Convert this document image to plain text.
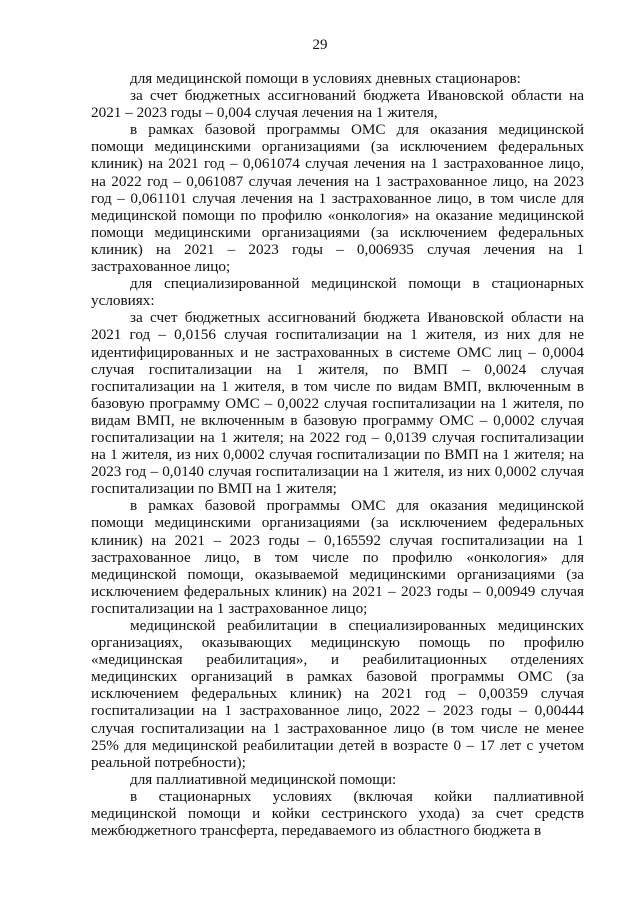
29

для медицинской помощи в условиях дневных стационаров:

за счет бюджетных ассигнований бюджета Ивановской области на 2021 – 2023 годы – 0,004 случая лечения на 1 жителя,

в рамках базовой программы ОМС для оказания медицинской помощи медицинскими организациями (за исключением федеральных клиник) на 2021 год – 0,061074 случая лечения на 1 застрахованное лицо, на 2022 год – 0,061087 случая лечения на 1 застрахованное лицо, на 2023 год – 0,061101 случая лечения на 1 застрахованное лицо, в том числе для медицинской помощи по профилю «онкология» на оказание медицинской помощи медицинскими организациями (за исключением федеральных клиник) на 2021 – 2023 годы – 0,006935 случая лечения на 1 застрахованное лицо;

для специализированной медицинской помощи в стационарных условиях:

за счет бюджетных ассигнований бюджета Ивановской области на 2021 год – 0,0156 случая госпитализации на 1 жителя, из них для не идентифицированных и не застрахованных в системе ОМС лиц – 0,0004 случая госпитализации на 1 жителя, по ВМП – 0,0024 случая госпитализации на 1 жителя, в том числе по видам ВМП, включенным в базовую программу ОМС – 0,0022 случая госпитализации на 1 жителя, по видам ВМП, не включенным в базовую программу ОМС – 0,0002 случая госпитализации на 1 жителя; на 2022 год – 0,0139 случая госпитализации на 1 жителя, из них 0,0002 случая госпитализации по ВМП на 1 жителя; на 2023 год – 0,0140 случая госпитализации на 1 жителя, из них 0,0002 случая госпитализации по ВМП на 1 жителя;

в рамках базовой программы ОМС для оказания медицинской помощи медицинскими организациями (за исключением федеральных клиник) на 2021 – 2023 годы – 0,165592 случая госпитализации на 1 застрахованное лицо, в том числе по профилю «онкология» для медицинской помощи, оказываемой медицинскими организациями (за исключением федеральных клиник) на 2021 – 2023 годы – 0,00949 случая госпитализации на 1 застрахованное лицо;

медицинской реабилитации в специализированных медицинских организациях, оказывающих медицинскую помощь по профилю «медицинская реабилитация», и реабилитационных отделениях медицинских организаций в рамках базовой программы ОМС (за исключением федеральных клиник) на 2021 год – 0,00359 случая госпитализации на 1 застрахованное лицо, 2022 – 2023 годы – 0,00444 случая госпитализации на 1 застрахованное лицо (в том числе не менее 25% для медицинской реабилитации детей в возрасте 0 – 17 лет с учетом реальной потребности);

для паллиативной медицинской помощи:

в стационарных условиях (включая койки паллиативной медицинской помощи и койки сестринского ухода) за счет средств межбюджетного трансферта, передаваемого из областного бюджета в
